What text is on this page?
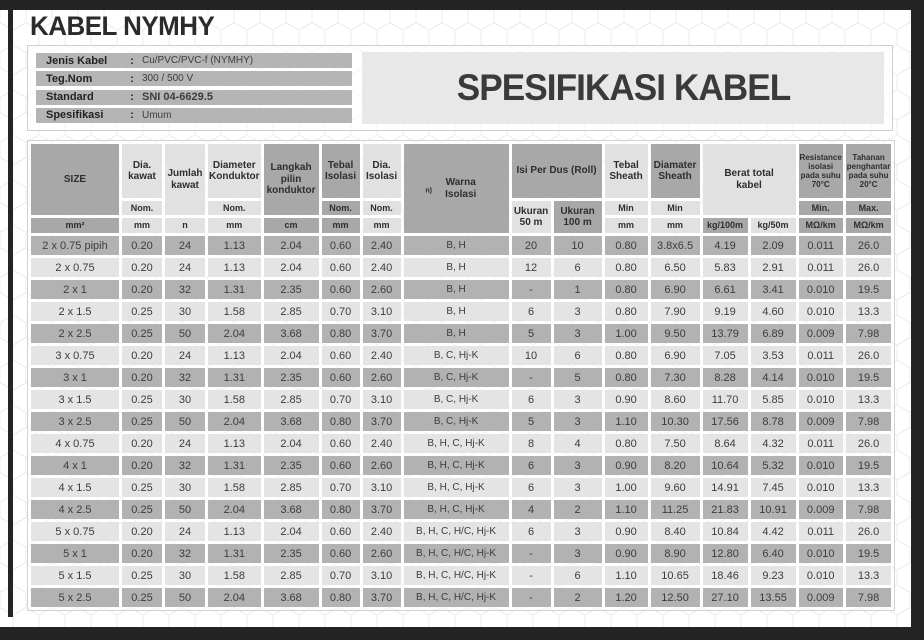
KABEL NYMHY
Jenis Kabel	: Cu/PVC/PVC-f (NYMHY)
Teg.Nom	: 300 / 500 V
Standard	: SNI 04-6629.5
Spesifikasi	: Umum
SPESIFIKASI KABEL
SIZE	Dia. kawat	Jumlah kawat	Diameter Konduktor	Langkah pilin konduktor	Tebal Isolasi	Dia. Isolasi	$^{n)}$ Warna Isolasi	Isi Per Dus (Roll)		Tebal Sheath	Diamater Sheath	Berat total kabel		Resistance isolasi pada suhu 70°C	Tahanan penghantar pada suhu 20°C
	Nom.		Nom.		Nom.	Nom.		Ukuran 50 m	Ukuran 100 m	Min	Min			Min.	Max.
mm²	mm	n	mm	cm	mm	mm				mm	mm	kg/100m	kg/50m	MΩ/km	MΩ/km
2 x 0.75 pipih	0.20	24	1.13	2.04	0.60	2.40	B, H	20	10	0.80	3.8x6.5	4.19	2.09	0.011	26.0
2 x 0.75	0.20	24	1.13	2.04	0.60	2.40	B, H	12	6	0.80	6.50	5.83	2.91	0.011	26.0
2 x 1	0.20	32	1.31	2.35	0.60	2.60	B, H	-	1	0.80	6.90	6.61	3.41	0.010	19.5
2 x 1.5	0.25	30	1.58	2.85	0.70	3.10	B, H	6	3	0.80	7.90	9.19	4.60	0.010	13.3
2 x 2.5	0.25	50	2.04	3.68	0.80	3.70	B, H	5	3	1.00	9.50	13.79	6.89	0.009	7.98
3 x 0.75	0.20	24	1.13	2.04	0.60	2.40	B, C, Hj-K	10	6	0.80	6.90	7.05	3.53	0.011	26.0
3 x 1	0.20	32	1.31	2.35	0.60	2.60	B, C, Hj-K	-	5	0.80	7.30	8.28	4.14	0.010	19.5
3 x 1.5	0.25	30	1.58	2.85	0.70	3.10	B, C, Hj-K	6	3	0.90	8.60	11.70	5.85	0.010	13.3
3 x 2.5	0.25	50	2.04	3.68	0.80	3.70	B, C, Hj-K	5	3	1.10	10.30	17.56	8.78	0.009	7.98
4 x 0.75	0.20	24	1.13	2.04	0.60	2.40	B, H, C, Hj-K	8	4	0.80	7.50	8.64	4.32	0.011	26.0
4 x 1	0.20	32	1.31	2.35	0.60	2.60	B, H, C, Hj-K	6	3	0.90	8.20	10.64	5.32	0.010	19.5
4 x 1.5	0.25	30	1.58	2.85	0.70	3.10	B, H, C, Hj-K	6	3	1.00	9.60	14.91	7.45	0.010	13.3
4 x 2.5	0.25	50	2.04	3.68	0.80	3.70	B, H, C, Hj-K	4	2	1.10	11.25	21.83	10.91	0.009	7.98
5 x 0.75	0.20	24	1.13	2.04	0.60	2.40	B, H, C, H/C, Hj-K	6	3	0.90	8.40	10.84	4.42	0.011	26.0
5 x 1	0.20	32	1.31	2.35	0.60	2.60	B, H, C, H/C, Hj-K	-	3	0.90	8.90	12.80	6.40	0.010	19.5
5 x 1.5	0.25	30	1.58	2.85	0.70	3.10	B, H, C, H/C, Hj-K	-	6	1.10	10.65	18.46	9.23	0.010	13.3
5 x 2.5	0.25	50	2.04	3.68	0.80	3.70	B, H, C, H/C, Hj-K	-	2	1.20	12.50	27.10	13.55	0.009	7.98
